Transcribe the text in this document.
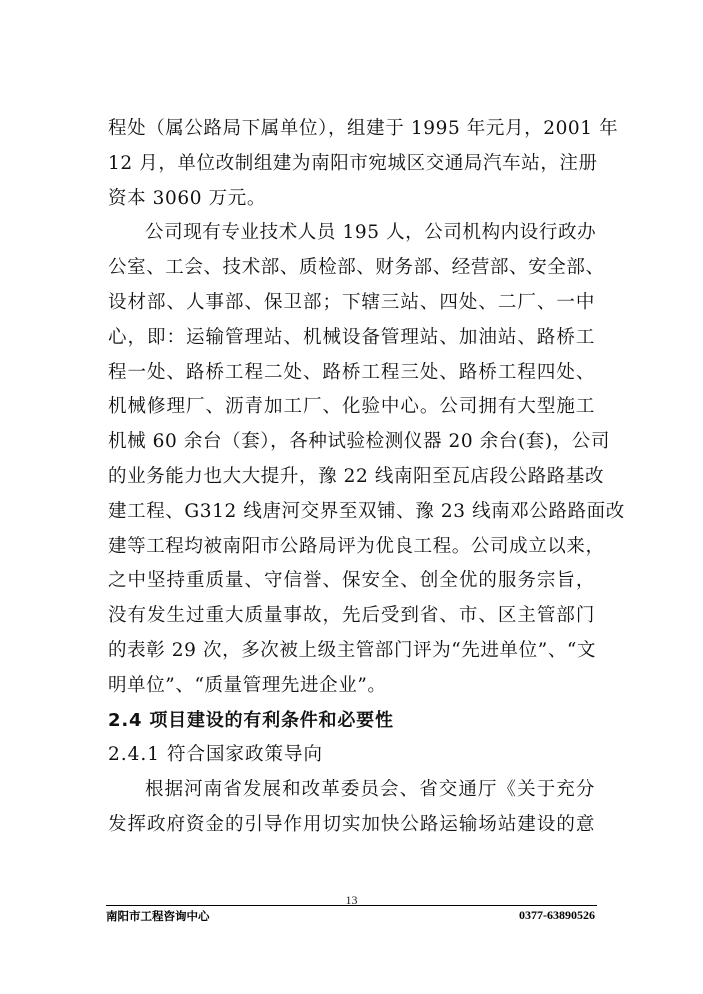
程处（属公路局下属单位），组建于 1995 年元月，2001 年
12 月，单位改制组建为南阳市宛城区交通局汽车站，注册
资本 3060 万元。
公司现有专业技术人员 195 人，公司机构内设行政办
公室、工会、技术部、质检部、财务部、经营部、安全部、
设材部、人事部、保卫部；下辖三站、四处、二厂、一中
心，即：运输管理站、机械设备管理站、加油站、路桥工
程一处、路桥工程二处、路桥工程三处、路桥工程四处、
机械修理厂、沥青加工厂、化验中心。公司拥有大型施工
机械 60 余台（套），各种试验检测仪器 20 余台(套)，公司
的业务能力也大大提升，豫 22 线南阳至瓦店段公路路基改
建工程、G312 线唐河交界至双铺、豫 23 线南邓公路路面改
建等工程均被南阳市公路局评为优良工程。公司成立以来，
之中坚持重质量、守信誉、保安全、创全优的服务宗旨，
没有发生过重大质量事故，先后受到省、市、区主管部门
的表彰 29 次，多次被上级主管部门评为“先进单位”、“文
明单位”、“质量管理先进企业”。
2.4 项目建设的有利条件和必要性
2.4.1 符合国家政策导向
根据河南省发展和改革委员会、省交通厅《关于充分
发挥政府资金的引导作用切实加快公路运输场站建设的意
13
南阳市工程咨询中心	0377-63890526
